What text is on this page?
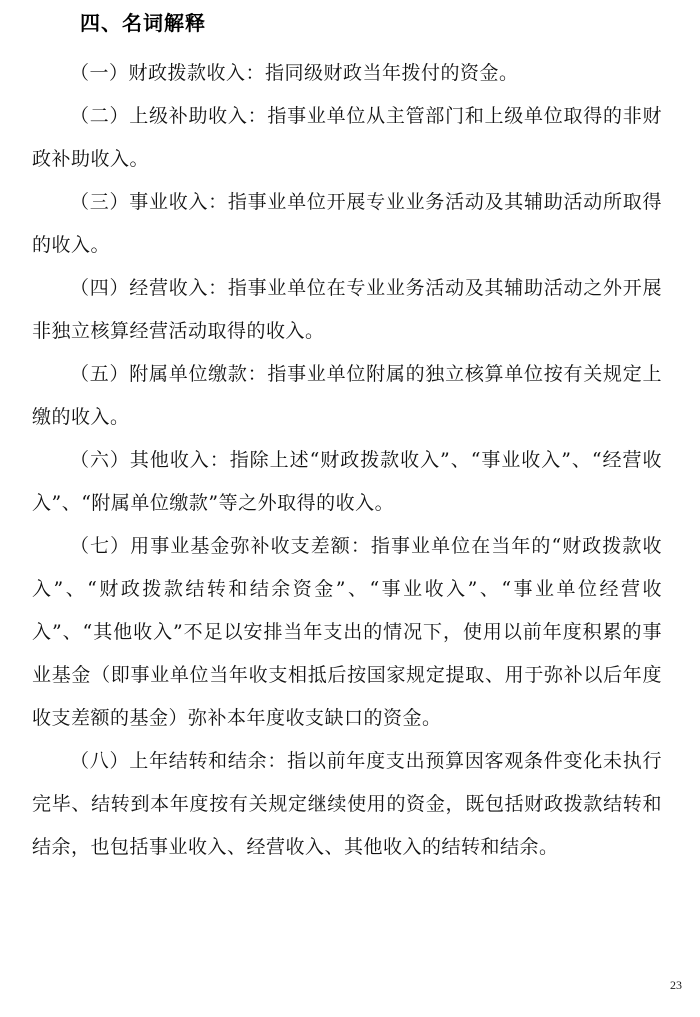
四、名词解释

（一）财政拨款收入：指同级财政当年拨付的资金。

（二）上级补助收入：指事业单位从主管部门和上级单位取得的非财政补助收入。

（三）事业收入：指事业单位开展专业业务活动及其辅助活动所取得的收入。

（四）经营收入：指事业单位在专业业务活动及其辅助活动之外开展非独立核算经营活动取得的收入。

（五）附属单位缴款：指事业单位附属的独立核算单位按有关规定上缴的收入。

（六）其他收入：指除上述“财政拨款收入”、“事业收入”、“经营收入”、“附属单位缴款”等之外取得的收入。

（七）用事业基金弥补收支差额：指事业单位在当年的“财政拨款收入”、“财政拨款结转和结余资金”、“事业收入”、“事业单位经营收入”、“其他收入”不足以安排当年支出的情况下，使用以前年度积累的事业基金（即事业单位当年收支相抵后按国家规定提取、用于弥补以后年度收支差额的基金）弥补本年度收支缺口的资金。

（八）上年结转和结余：指以前年度支出预算因客观条件变化未执行完毕、结转到本年度按有关规定继续使用的资金，既包括财政拨款结转和结余，也包括事业收入、经营收入、其他收入的结转和结余。

23
